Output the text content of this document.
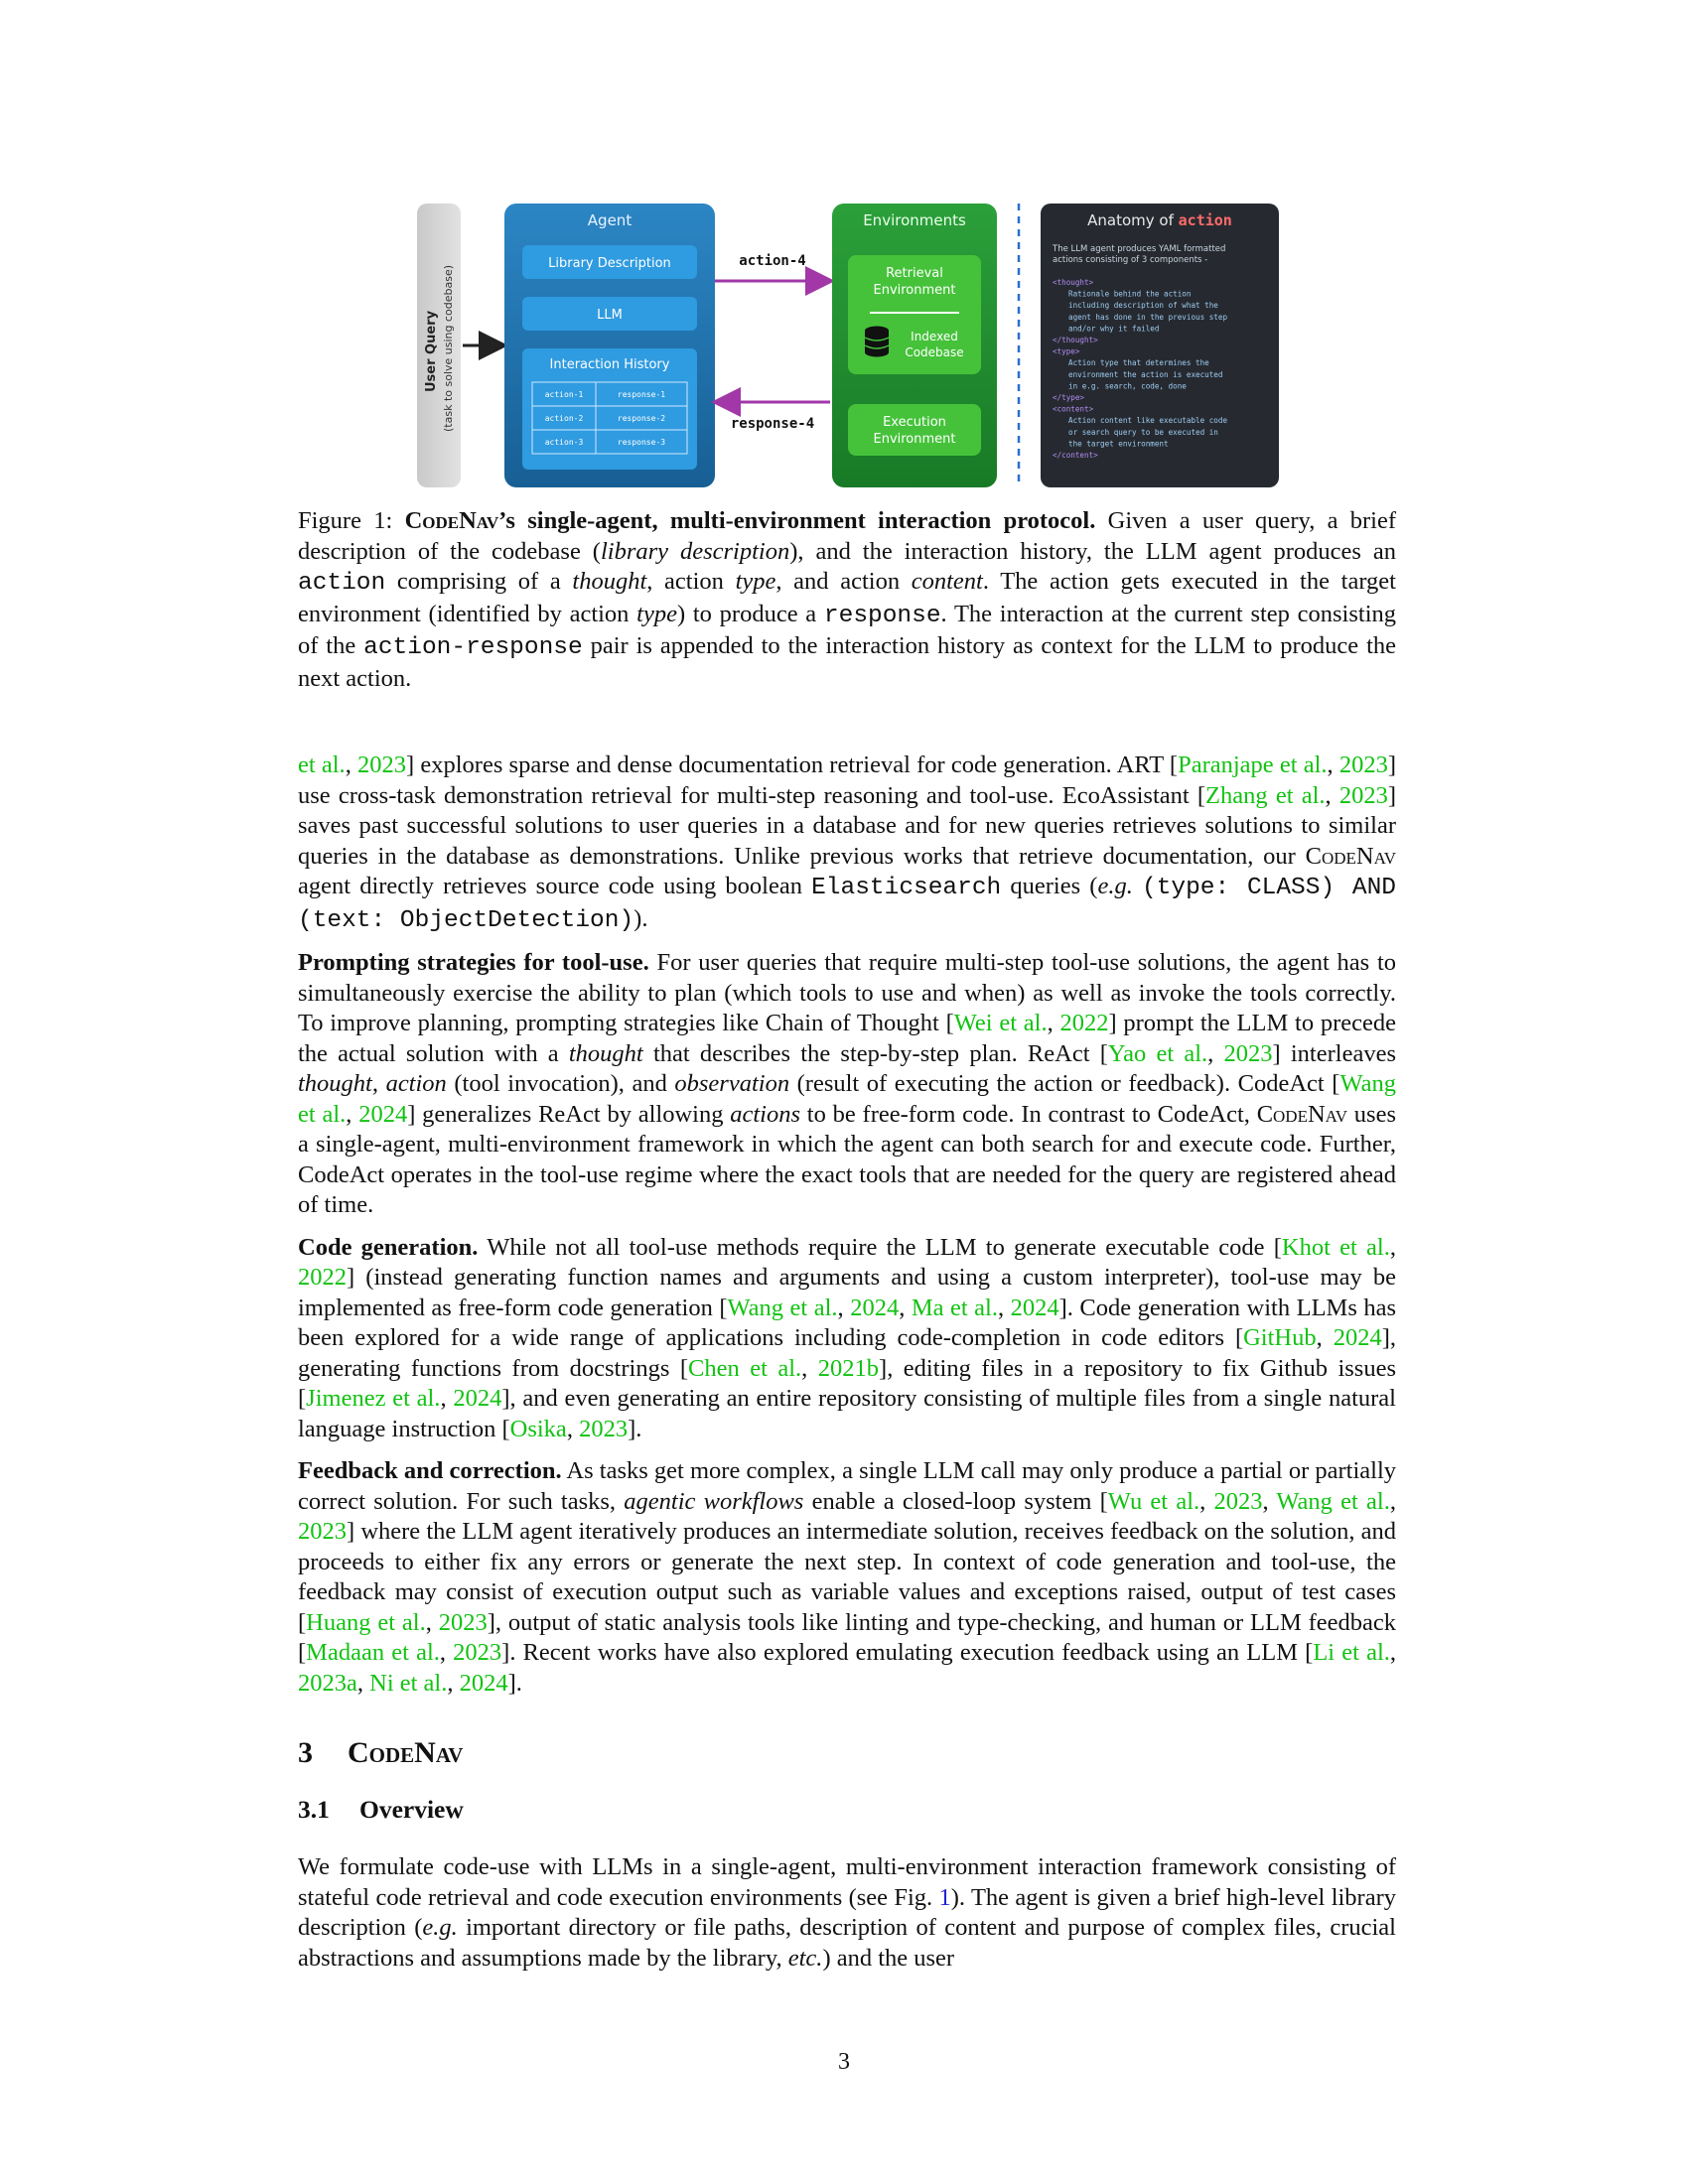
User Query (task to solve using codebase)
Agent
Library Description
LLM
Interaction History
action-1	response-1
action-2	response-2
action-3	response-3
action-4
response-4
Environments
Retrieval
Environment
Indexed
Codebase
Execution
Environment
Anatomy of action
The LLM agent produces YAML formatted
actions consisting of 3 components -
<thought>
Rationale behind the action
including description of what the
agent has done in the previous step
and/or why it failed
</thought>
<type>
Action type that determines the
environment the action is executed
in e.g. search, code, done
</type>
<content>
Action content like executable code
or search query to be executed in
the target environment
</content>
Figure 1: CodeNav’s single-agent, multi-environment interaction protocol. Given a user query, a brief description of the codebase (library description), and the interaction history, the LLM agent produces an action comprising of a thought, action type, and action content. The action gets executed in the target environment (identified by action type) to produce a response. The interaction at the current step consisting of the action-response pair is appended to the interaction history as context for the LLM to produce the next action.

et al., 2023] explores sparse and dense documentation retrieval for code generation. ART [Paranjape et al., 2023] use cross-task demonstration retrieval for multi-step reasoning and tool-use. EcoAssistant [Zhang et al., 2023] saves past successful solutions to user queries in a database and for new queries retrieves solutions to similar queries in the database as demonstrations. Unlike previous works that retrieve documentation, our CodeNav agent directly retrieves source code using boolean Elasticsearch queries (e.g. (type: CLASS) AND (text: ObjectDetection)).

Prompting strategies for tool-use. For user queries that require multi-step tool-use solutions, the agent has to simultaneously exercise the ability to plan (which tools to use and when) as well as invoke the tools correctly. To improve planning, prompting strategies like Chain of Thought [Wei et al., 2022] prompt the LLM to precede the actual solution with a thought that describes the step-by-step plan. ReAct [Yao et al., 2023] interleaves thought, action (tool invocation), and observation (result of executing the action or feedback). CodeAct [Wang et al., 2024] generalizes ReAct by allowing actions to be free-form code. In contrast to CodeAct, CodeNav uses a single-agent, multi-environment framework in which the agent can both search for and execute code. Further, CodeAct operates in the tool-use regime where the exact tools that are needed for the query are registered ahead of time.

Code generation. While not all tool-use methods require the LLM to generate executable code [Khot et al., 2022] (instead generating function names and arguments and using a custom interpreter), tool-use may be implemented as free-form code generation [Wang et al., 2024, Ma et al., 2024]. Code generation with LLMs has been explored for a wide range of applications including code-completion in code editors [GitHub, 2024], generating functions from docstrings [Chen et al., 2021b], editing files in a repository to fix Github issues [Jimenez et al., 2024], and even generating an entire repository consisting of multiple files from a single natural language instruction [Osika, 2023].

Feedback and correction. As tasks get more complex, a single LLM call may only produce a partial or partially correct solution. For such tasks, agentic workflows enable a closed-loop system [Wu et al., 2023, Wang et al., 2023] where the LLM agent iteratively produces an intermediate solution, receives feedback on the solution, and proceeds to either fix any errors or generate the next step. In context of code generation and tool-use, the feedback may consist of execution output such as variable values and exceptions raised, output of test cases [Huang et al., 2023], output of static analysis tools like linting and type-checking, and human or LLM feedback [Madaan et al., 2023]. Recent works have also explored emulating execution feedback using an LLM [Li et al., 2023a, Ni et al., 2024].

3 CodeNav
3.1 Overview

We formulate code-use with LLMs in a single-agent, multi-environment interaction framework consisting of stateful code retrieval and code execution environments (see Fig. 1). The agent is given a brief high-level library description (e.g. important directory or file paths, description of content and purpose of complex files, crucial abstractions and assumptions made by the library, etc.) and the user

3
